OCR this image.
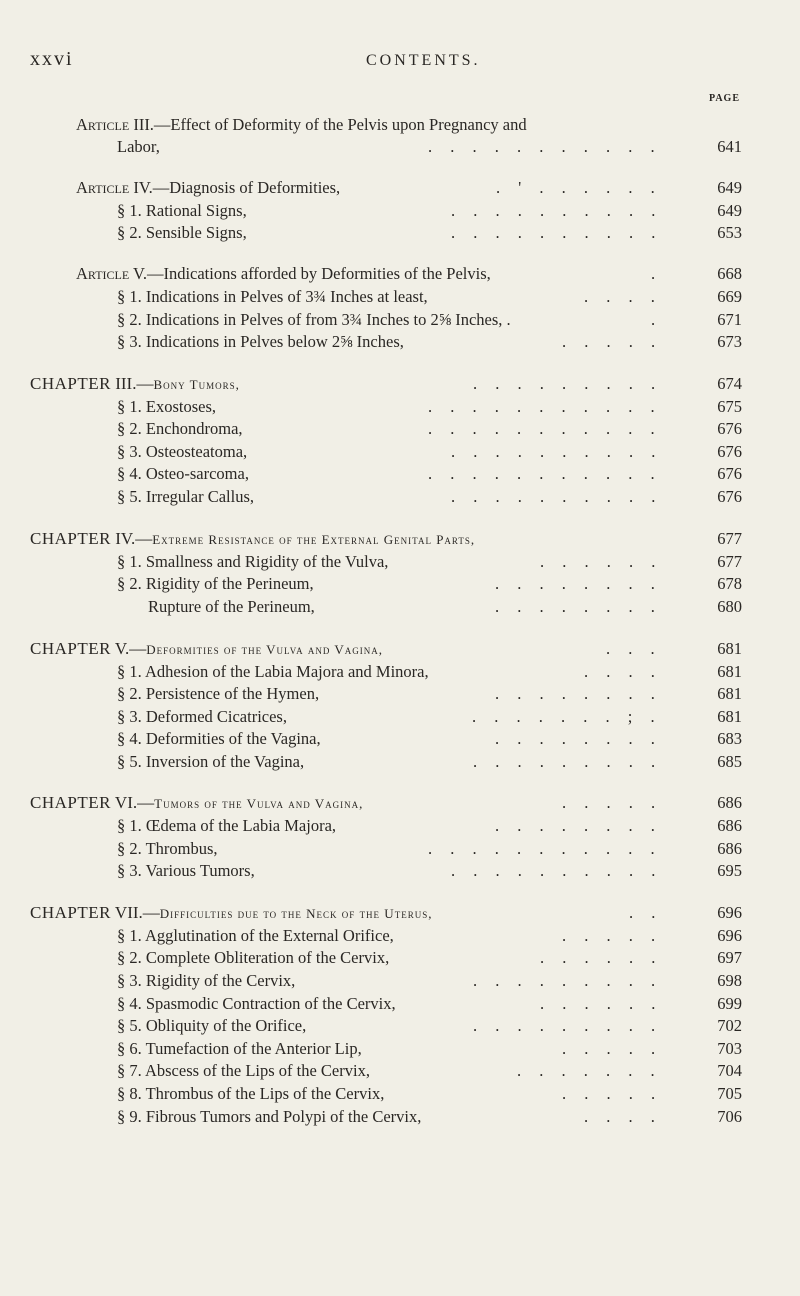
xxvi	CONTENTS.
PAGE
Article III.—Effect of Deformity of the Pelvis upon Pregnancy and
Labor,	641
. . . . . . . . . . .
Article IV.—Diagnosis of Deformities,	649
. ' . . . . . .
§ 1. Rational Signs,	649
. . . . . . . . . .
§ 2. Sensible Signs,	653
. . . . . . . . . .
Article V.—Indications afforded by Deformities of the Pelvis,	668
.
§ 1. Indications in Pelves of 3¾ Inches at least,	669
. . . .
§ 2. Indications in Pelves of from 3¾ Inches to 2⅝ Inches, .	671
.
§ 3. Indications in Pelves below 2⅝ Inches,	673
. . . . .
CHAPTER III.—Bony Tumors,	674
. . . . . . . . .
§ 1. Exostoses,	675
. . . . . . . . . . .
§ 2. Enchondroma,	676
. . . . . . . . . . .
§ 3. Osteosteatoma,	676
. . . . . . . . . .
§ 4. Osteo-sarcoma,	676
. . . . . . . . . . .
§ 5. Irregular Callus,	676
. . . . . . . . . .
CHAPTER IV.—Extreme Resistance of the External Genital Parts,	677
§ 1. Smallness and Rigidity of the Vulva,	677
. . . . . .
§ 2. Rigidity of the Perineum,	678
. . . . . . . .
Rupture of the Perineum,	680
. . . . . . . .
CHAPTER V.—Deformities of the Vulva and Vagina,	681
. . .
§ 1. Adhesion of the Labia Majora and Minora,	681
. . . .
§ 2. Persistence of the Hymen,	681
. . . . . . . .
§ 3. Deformed Cicatrices,	681
. . . . . . . ; .
§ 4. Deformities of the Vagina,	683
. . . . . . . .
§ 5. Inversion of the Vagina,	685
. . . . . . . . .
CHAPTER VI.—Tumors of the Vulva and Vagina,	686
. . . . .
§ 1. Œdema of the Labia Majora,	686
. . . . . . . .
§ 2. Thrombus,	686
. . . . . . . . . . .
§ 3. Various Tumors,	695
. . . . . . . . . .
CHAPTER VII.—Difficulties due to the Neck of the Uterus,	696
. .
§ 1. Agglutination of the External Orifice,	696
. . . . .
§ 2. Complete Obliteration of the Cervix,	697
. . . . . .
§ 3. Rigidity of the Cervix,	698
. . . . . . . . .
§ 4. Spasmodic Contraction of the Cervix,	699
. . . . . .
§ 5. Obliquity of the Orifice,	702
. . . . . . . . .
§ 6. Tumefaction of the Anterior Lip,	703
. . . . .
§ 7. Abscess of the Lips of the Cervix,	704
. . . . . . .
§ 8. Thrombus of the Lips of the Cervix,	705
. . . . .
§ 9. Fibrous Tumors and Polypi of the Cervix,	706
. . . .
